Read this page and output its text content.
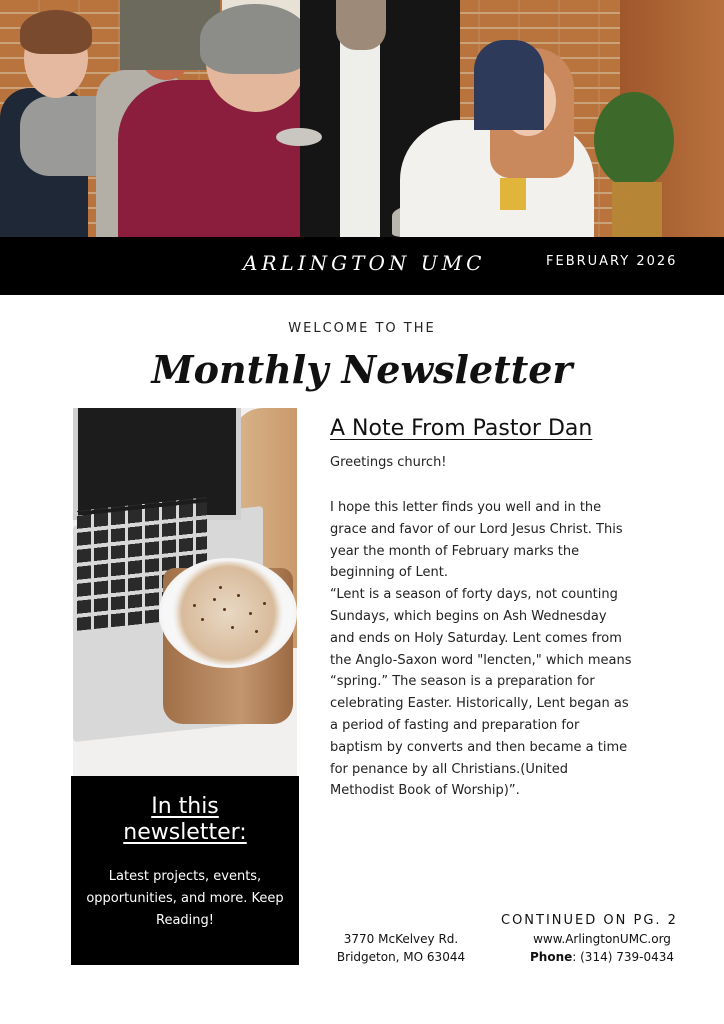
ARLINGTON UMC	FEBRUARY 2026
WELCOME TO THE
Monthly Newsletter
In this newsletter:
Latest projects, events, opportunities, and more. Keep Reading!
A Note From Pastor Dan
Greetings church!
I hope this letter finds you well and in the
grace and favor of our Lord Jesus Christ. This
year the month of February marks the
beginning of Lent.
“Lent is a season of forty days, not counting
Sundays, which begins on Ash Wednesday
and ends on Holy Saturday. Lent comes from
the Anglo-Saxon word "lencten," which means
“spring.” The season is a preparation for
celebrating Easter. Historically, Lent began as
a period of fasting and preparation for
baptism by converts and then became a time
for penance by all Christians.(United
Methodist Book of Worship)”.
CONTINUED ON PG. 2
3770 McKelvey Rd.
Bridgeton, MO 63044
www.ArlingtonUMC.org
Phone: (314) 739-0434
